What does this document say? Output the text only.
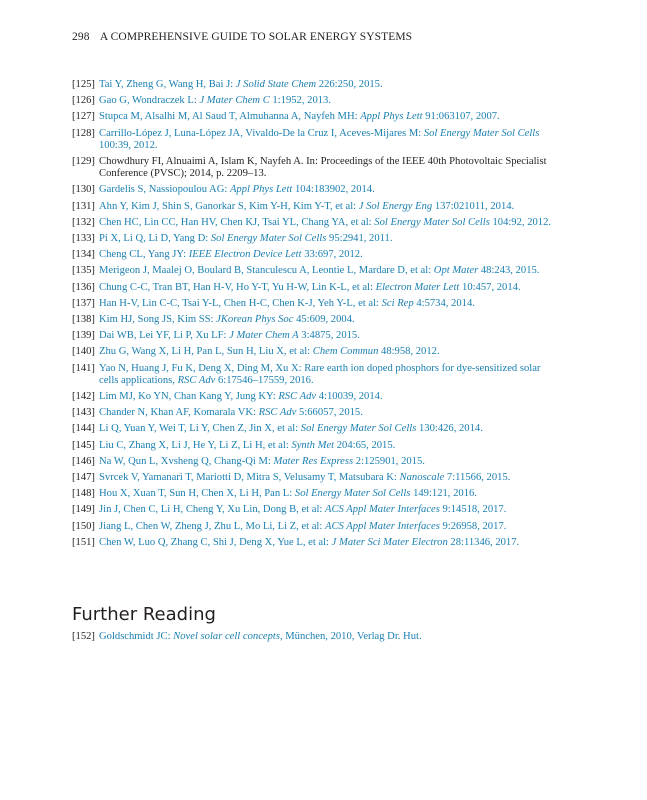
298 A COMPREHENSIVE GUIDE TO SOLAR ENERGY SYSTEMS
[125] Tai Y, Zheng G, Wang H, Bai J: J Solid State Chem 226:250, 2015.
[126] Gao G, Wondraczek L: J Mater Chem C 1:1952, 2013.
[127] Stupca M, Alsalhi M, Al Saud T, Almuhanna A, Nayfeh MH: Appl Phys Lett 91:063107, 2007.
[128] Carrillo-López J, Luna-López JA, Vivaldo-De la Cruz I, Aceves-Mijares M: Sol Energy Mater Sol Cells 100:39, 2012.
[129] Chowdhury FI, Alnuaimi A, Islam K, Nayfeh A. In: Proceedings of the IEEE 40th Photovoltaic Specialist Conference (PVSC); 2014, p. 2209–13.
[130] Gardelis S, Nassiopoulou AG: Appl Phys Lett 104:183902, 2014.
[131] Ahn Y, Kim J, Shin S, Ganorkar S, Kim Y-H, Kim Y-T, et al: J Sol Energy Eng 137:021011, 2014.
[132] Chen HC, Lin CC, Han HV, Chen KJ, Tsai YL, Chang YA, et al: Sol Energy Mater Sol Cells 104:92, 2012.
[133] Pi X, Li Q, Li D, Yang D: Sol Energy Mater Sol Cells 95:2941, 2011.
[134] Cheng CL, Yang JY: IEEE Electron Device Lett 33:697, 2012.
[135] Merigeon J, Maalej O, Boulard B, Stanculescu A, Leontie L, Mardare D, et al: Opt Mater 48:243, 2015.
[136] Chung C-C, Tran BT, Han H-V, Ho Y-T, Yu H-W, Lin K-L, et al: Electron Mater Lett 10:457, 2014.
[137] Han H-V, Lin C-C, Tsai Y-L, Chen H-C, Chen K-J, Yeh Y-L, et al: Sci Rep 4:5734, 2014.
[138] Kim HJ, Song JS, Kim SS: JKorean Phys Soc 45:609, 2004.
[139] Dai WB, Lei YF, Li P, Xu LF: J Mater Chem A 3:4875, 2015.
[140] Zhu G, Wang X, Li H, Pan L, Sun H, Liu X, et al: Chem Commun 48:958, 2012.
[141] Yao N, Huang J, Fu K, Deng X, Ding M, Xu X: Rare earth ion doped phosphors for dye-sensitized solar cells applications, RSC Adv 6:17546–17559, 2016.
[142] Lim MJ, Ko YN, Chan Kang Y, Jung KY: RSC Adv 4:10039, 2014.
[143] Chander N, Khan AF, Komarala VK: RSC Adv 5:66057, 2015.
[144] Li Q, Yuan Y, Wei T, Li Y, Chen Z, Jin X, et al: Sol Energy Mater Sol Cells 130:426, 2014.
[145] Liu C, Zhang X, Li J, He Y, Li Z, Li H, et al: Synth Met 204:65, 2015.
[146] Na W, Qun L, Xvsheng Q, Chang-Qi M: Mater Res Express 2:125901, 2015.
[147] Svrcek V, Yamanari T, Mariotti D, Mitra S, Velusamy T, Matsubara K: Nanoscale 7:11566, 2015.
[148] Hou X, Xuan T, Sun H, Chen X, Li H, Pan L: Sol Energy Mater Sol Cells 149:121, 2016.
[149] Jin J, Chen C, Li H, Cheng Y, Xu Lin, Dong B, et al: ACS Appl Mater Interfaces 9:14518, 2017.
[150] Jiang L, Chen W, Zheng J, Zhu L, Mo Li, Li Z, et al: ACS Appl Mater Interfaces 9:26958, 2017.
[151] Chen W, Luo Q, Zhang C, Shi J, Deng X, Yue L, et al: J Mater Sci Mater Electron 28:11346, 2017.
Further Reading
[152] Goldschmidt JC: Novel solar cell concepts, München, 2010, Verlag Dr. Hut.
